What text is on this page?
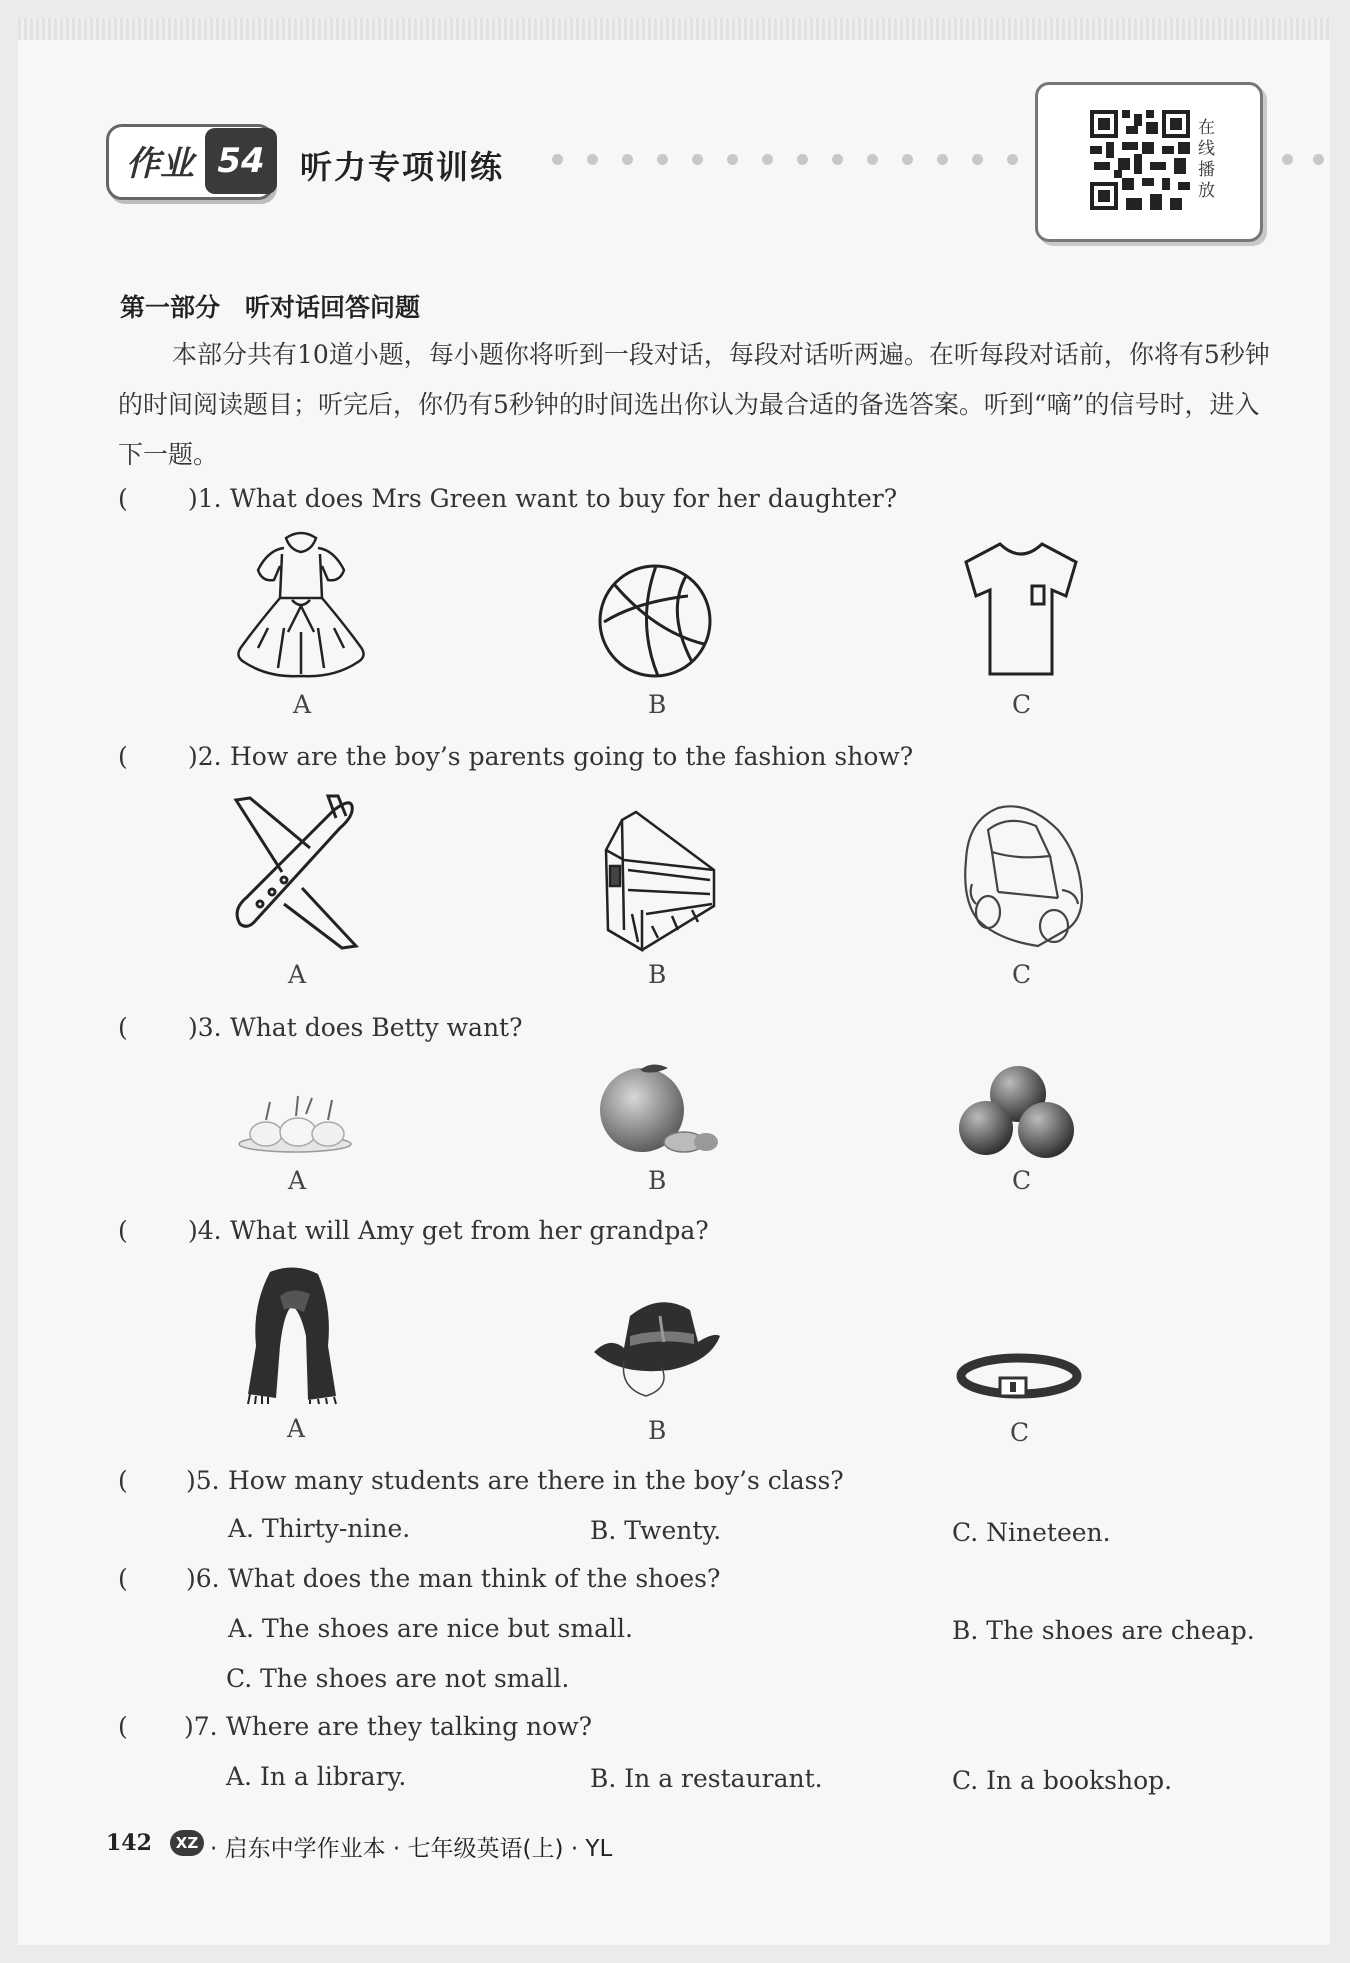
作业 54	听力专项训练
在线播放
第一部分　听对话回答问题
本部分共有10道小题，每小题你将听到一段对话，每段对话听两遍。在听每段对话前，你将有5秒钟的时间阅读题目；听完后，你仍有5秒钟的时间选出你认为最合适的备选答案。听到“嘀”的信号时，进入下一题。
( )1. What does Mrs Green want to buy for her daughter?
A	B	C
( )2. How are the boy’s parents going to the fashion show?
A	B	C
( )3. What does Betty want?
A	B	C
( )4. What will Amy get from her grandpa?
A	B	C
( )5. How many students are there in the boy’s class?
A. Thirty-nine.	B. Twenty.	C. Nineteen.
( )6. What does the man think of the shoes?
A. The shoes are nice but small.	B. The shoes are cheap.
C. The shoes are not small.
( )7. Where are they talking now?
A. In a library.	B. In a restaurant.	C. In a bookshop.
142	XZ · 启东中学作业本 · 七年级英语(上) · YL
